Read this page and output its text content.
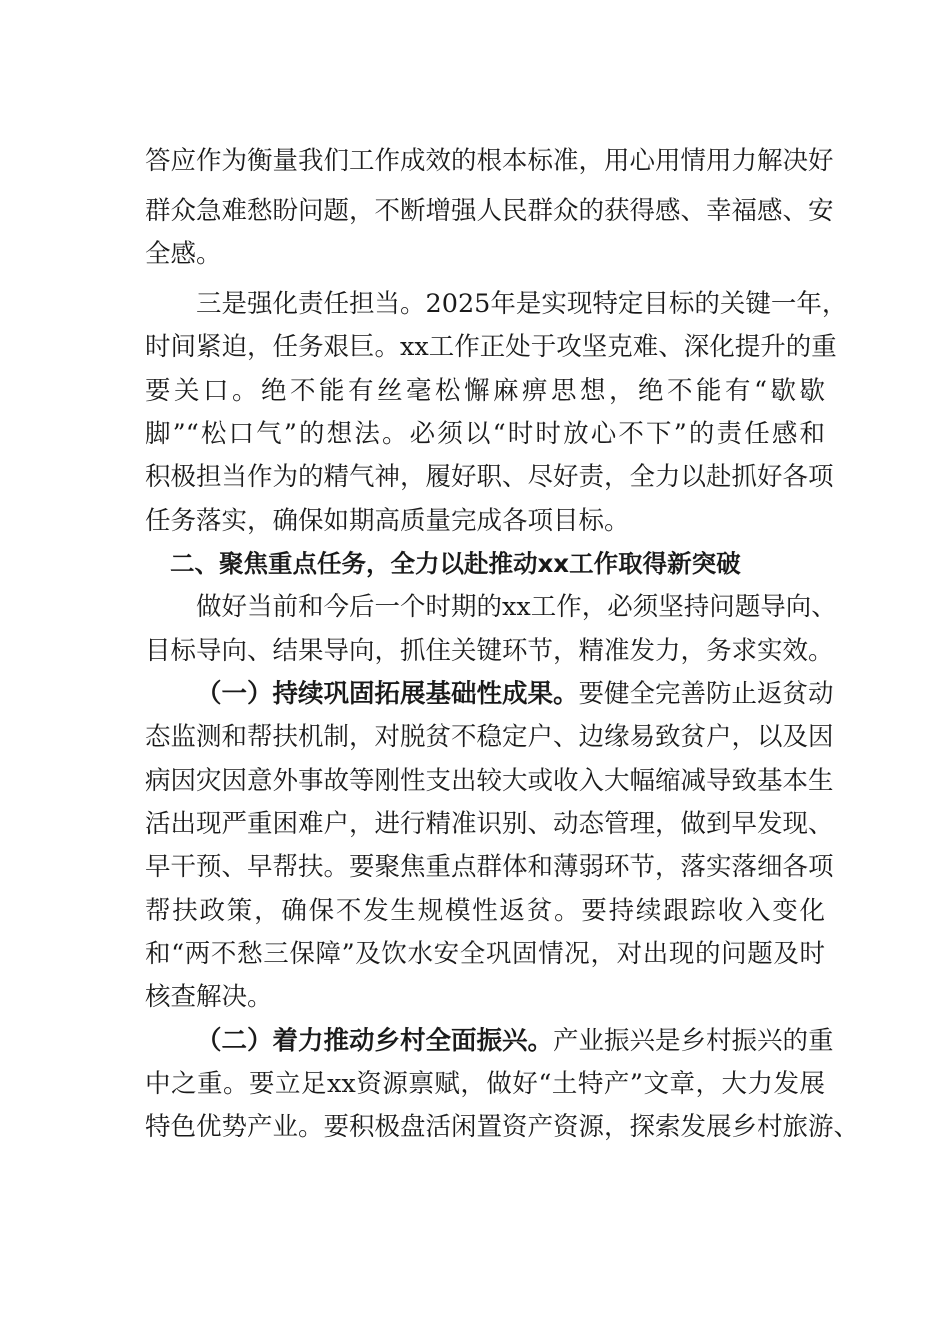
答应作为衡量我们工作成效的根本标准，用心用情用力解决好
群众急难愁盼问题，不断增强人民群众的获得感、幸福感、安
全感。
三是强化责任担当。2025年是实现特定目标的关键一年，
时间紧迫，任务艰巨。xx工作正处于攻坚克难、深化提升的重
要关口。绝不能有丝毫松懈麻痹思想，绝不能有“歇歇
脚”“松口气”的想法。必须以“时时放心不下”的责任感和
积极担当作为的精气神，履好职、尽好责，全力以赴抓好各项
任务落实，确保如期高质量完成各项目标。
二、聚焦重点任务，全力以赴推动xx工作取得新突破
做好当前和今后一个时期的xx工作，必须坚持问题导向、
目标导向、结果导向，抓住关键环节，精准发力，务求实效。
（一）持续巩固拓展基础性成果。要健全完善防止返贫动
态监测和帮扶机制，对脱贫不稳定户、边缘易致贫户，以及因
病因灾因意外事故等刚性支出较大或收入大幅缩减导致基本生
活出现严重困难户，进行精准识别、动态管理，做到早发现、
早干预、早帮扶。要聚焦重点群体和薄弱环节，落实落细各项
帮扶政策，确保不发生规模性返贫。要持续跟踪收入变化
和“两不愁三保障”及饮水安全巩固情况，对出现的问题及时
核查解决。
（二）着力推动乡村全面振兴。产业振兴是乡村振兴的重
中之重。要立足xx资源禀赋，做好“土特产”文章，大力发展
特色优势产业。要积极盘活闲置资产资源，探索发展乡村旅游、
